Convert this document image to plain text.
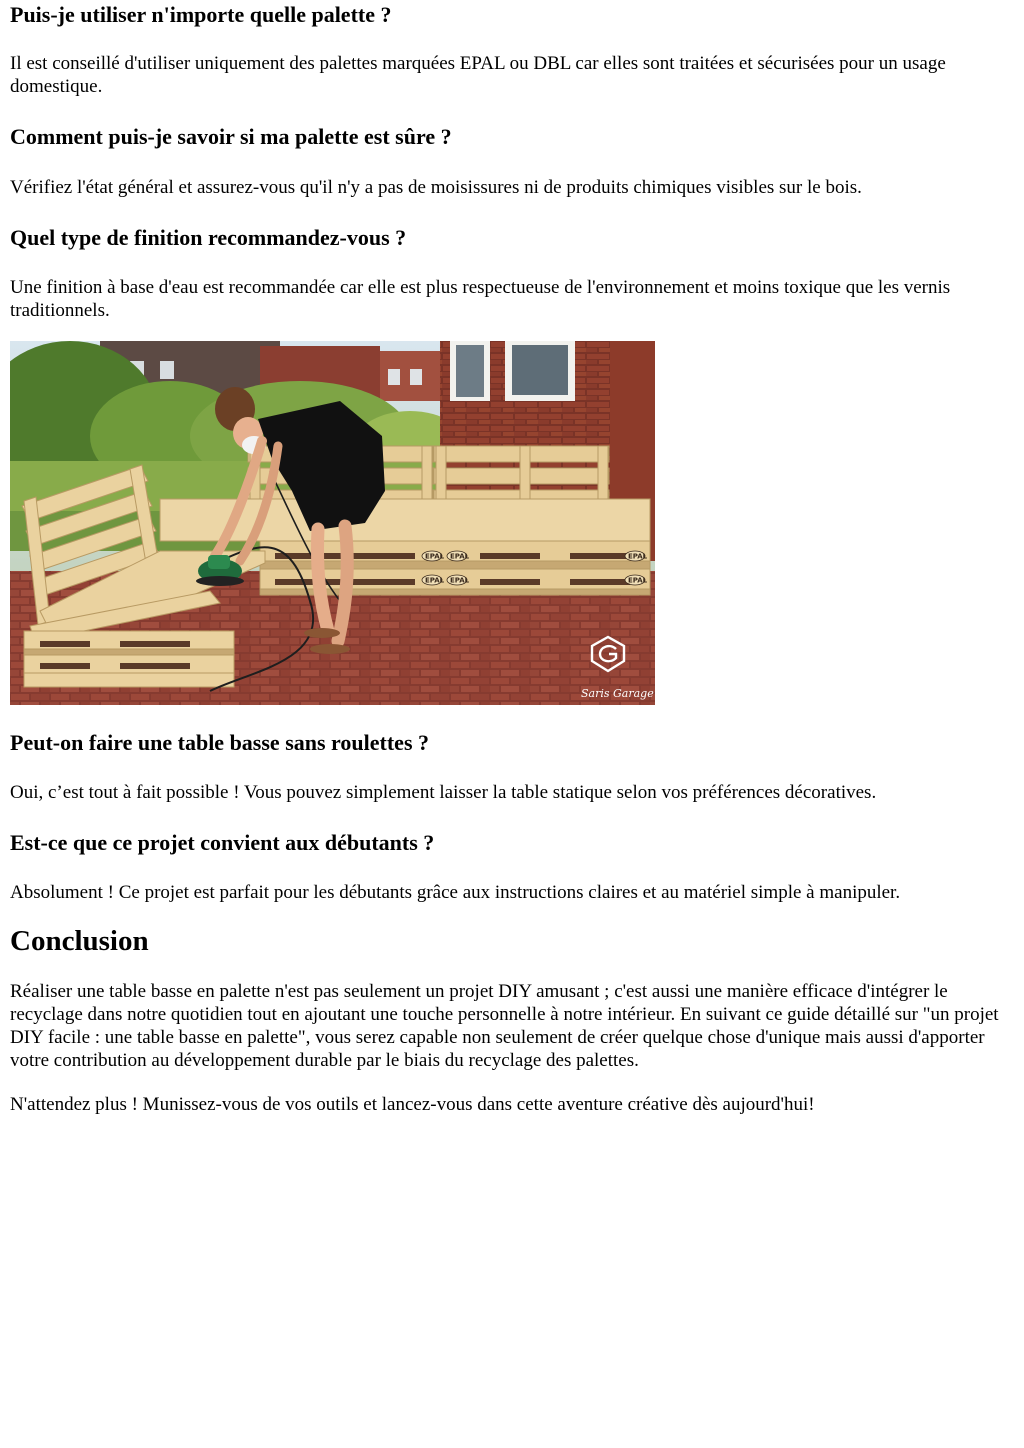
Puis-je utiliser n'importe quelle palette ?

Il est conseillé d'utiliser uniquement des palettes marquées EPAL ou DBL car elles sont traitées et sécurisées pour un usage domestique.

Comment puis-je savoir si ma palette est sûre ?

Vérifiez l'état général et assurez-vous qu'il n'y a pas de moisissures ni de produits chimiques visibles sur le bois.

Quel type de finition recommandez-vous ?

Une finition à base d'eau est recommandée car elle est plus respectueuse de l'environnement et moins toxique que les vernis traditionnels.

EPAL EPAL
EPAL EPAL
EPAL
EPAL
Saris Garage
Peut-on faire une table basse sans roulettes ?

Oui, c’est tout à fait possible ! Vous pouvez simplement laisser la table statique selon vos préférences décoratives.

Est-ce que ce projet convient aux débutants ?

Absolument ! Ce projet est parfait pour les débutants grâce aux instructions claires et au matériel simple à manipuler.

Conclusion

Réaliser une table basse en palette n'est pas seulement un projet DIY amusant ; c'est aussi une manière efficace d'intégrer le recyclage dans notre quotidien tout en ajoutant une touche personnelle à notre intérieur. En suivant ce guide détaillé sur "un projet DIY facile : une table basse en palette", vous serez capable non seulement de créer quelque chose d'unique mais aussi d'apporter votre contribution au développement durable par le biais du recyclage des palettes.

N'attendez plus ! Munissez-vous de vos outils et lancez-vous dans cette aventure créative dès aujourd'hui!
